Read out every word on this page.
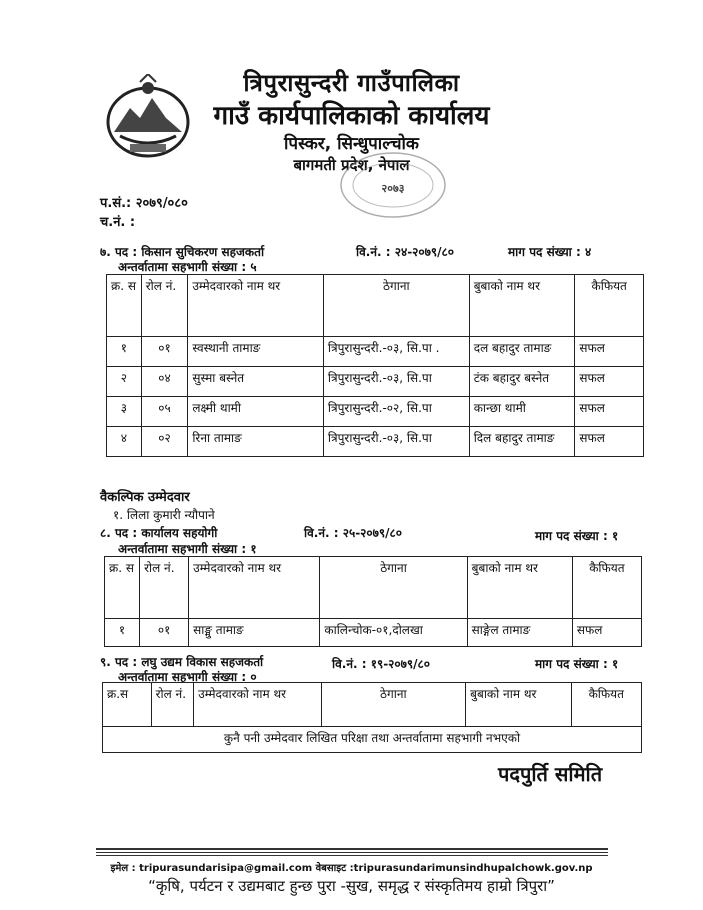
त्रिपुरासुन्दरी गाउँपालिका
गाउँ कार्यपालिकाको कार्यालय
पिस्कर, सिन्धुपाल्चोक
बागमती प्रदेश, नेपाल
२०७३
प.सं.: २०७९/०८०
च.नं. :
७. पद : किसान सुचिकरण सहजकर्ता	वि.नं. : २४-२०७९/८०	माग पद संख्या : ४
अन्तर्वातामा सहभागी संख्या : ५
क्र. स	रोल नं.	उम्मेदवारको नाम थर	ठेगाना	बुबाको नाम थर	कैफियत
१	०१	स्वस्थानी तामाङ	त्रिपुरासुन्दरी.-०३, सि.पा .	दल बहादुर तामाङ	सफल
२	०४	सुस्मा बस्नेत	त्रिपुरासुन्दरी.-०३, सि.पा	टंक बहादुर बस्नेत	सफल
३	०५	लक्ष्मी थामी	त्रिपुरासुन्दरी.-०२, सि.पा	कान्छा थामी	सफल
४	०२	रिना तामाङ	त्रिपुरासुन्दरी.-०३, सि.पा	दिल बहादुर तामाङ	सफल
वैकल्पिक उम्मेदवार
१. लिला कुमारी न्यौपाने
८. पद : कार्यालय सहयोगी	वि.नं. : २५-२०७९/८०	माग पद संख्या : १
अन्तर्वातामा सहभागी संख्या : १
क्र. स	रोल नं.	उम्मेदवारको नाम थर	ठेगाना	बुबाको नाम थर	कैफियत
१	०१	साङ्मु तामाङ	कालिन्चोक-०१,दोलखा	साङ्गेल तामाङ	सफल
९. पद : लघु उद्यम विकास सहजकर्ता	वि.नं. : १९-२०७९/८०	माग पद संख्या : १
अन्तर्वातामा सहभागी संख्या : ०
क्र.स	रोल नं.	उम्मेदवारको नाम थर	ठेगाना	बुबाको नाम थर	कैफियत
कुनै पनी उम्मेदवार लिखित परिक्षा तथा अन्तर्वातामा सहभागी नभएको
पदपुर्ति समिति
इमेल : tripurasundarisipa@gmail.com वेबसाइट :tripurasundarimunsindhupalchowk.gov.np
“कृषि, पर्यटन र उद्यमबाट हुन्छ पुरा -सुख, समृद्ध र संस्कृतिमय हाम्रो त्रिपुरा”
